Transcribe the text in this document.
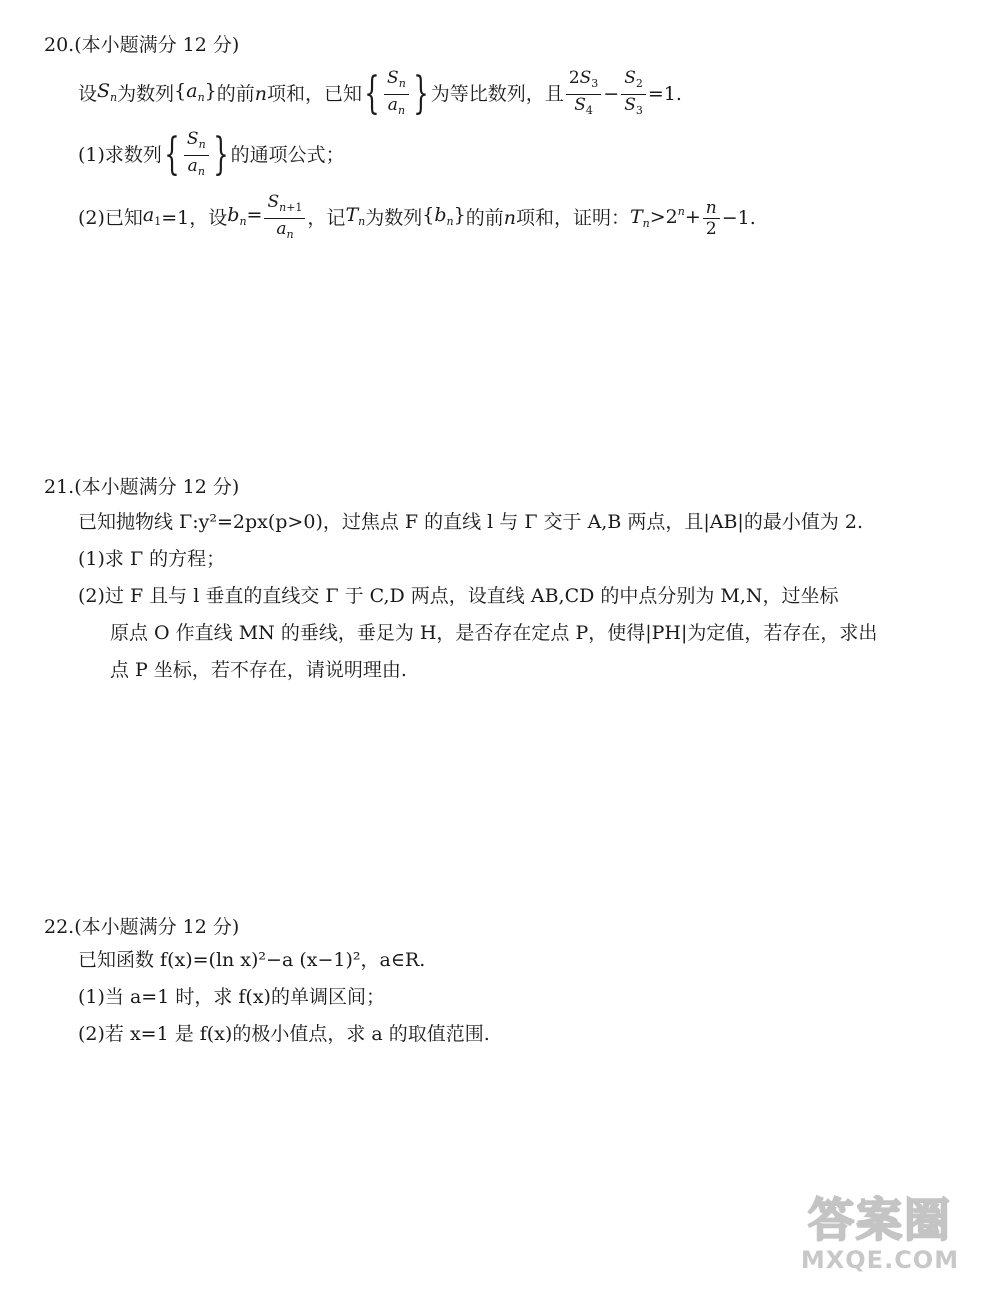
20.(本小题满分 12 分)
设 $S_n$ 为数列 $\{a_n\}$ 的前 n 项和，已知 { $\frac{S_n}{a_n}$ } 为等比数列，且 $\frac{2S_3}{S_4} - \frac{S_2}{S_3} =1$.
(1)求数列 { $\frac{S_n}{a_n}$ } 的通项公式；
(2)已知 $a_1 =1$，设 $b_n= \frac{S_{n+1}}{a_n}$ ，记 $T_n$ 为数列 $\{b_n\}$ 的前 n 项和，证明： $T_n>2^n+ \frac{n}{2} -1$.
21.(本小题满分 12 分)
已知抛物线 Γ:y²=2px(p>0)，过焦点 F 的直线 l 与 Γ 交于 A,B 两点，且|AB|的最小值为 2.
(1)求 Γ 的方程；
(2)过 F 且与 l 垂直的直线交 Γ 于 C,D 两点，设直线 AB,CD 的中点分别为 M,N，过坐标
原点 O 作直线 MN 的垂线，垂足为 H，是否存在定点 P，使得|PH|为定值，若存在，求出
点 P 坐标，若不存在，请说明理由.
22.(本小题满分 12 分)
已知函数 f(x)=(ln x)²−a (x−1)²，a∈R.
(1)当 a=1 时，求 f(x)的单调区间；
(2)若 x=1 是 f(x)的极小值点，求 a 的取值范围.
答案圈
MXQE.COM
